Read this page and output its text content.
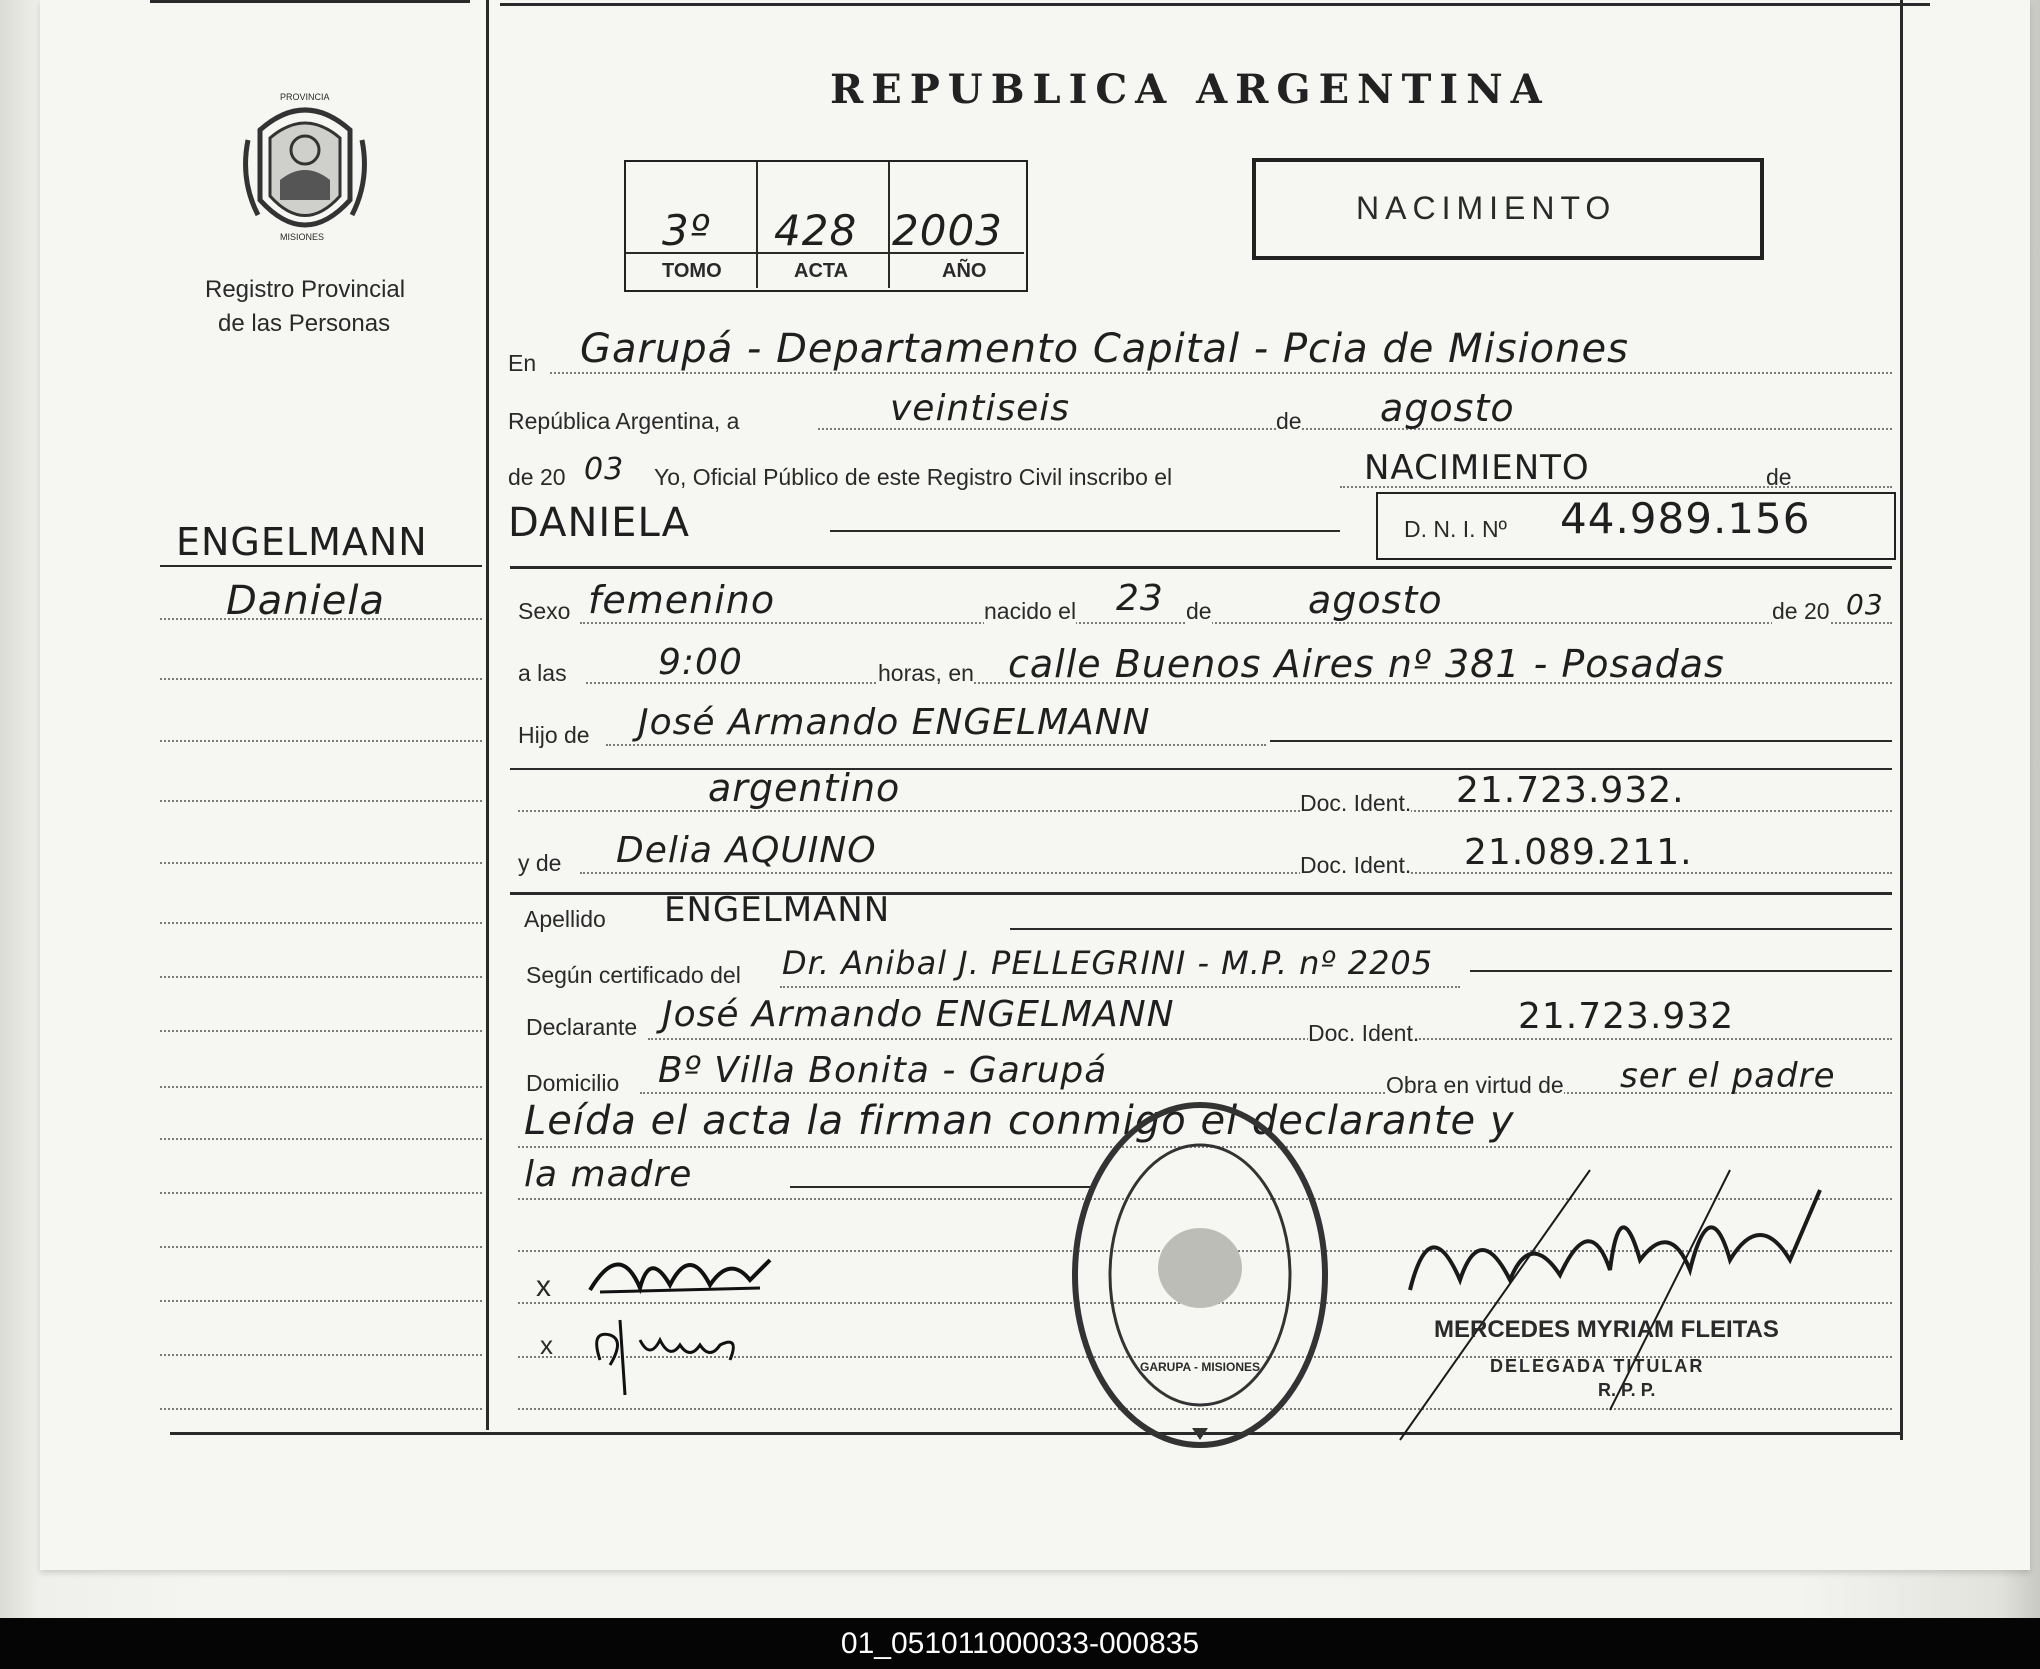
PROVINCIA
MISIONES
Registro Provincial
de las Personas
REPUBLICA ARGENTINA
3º 428 2003
TOMO	ACTA	AÑO
NACIMIENTO
ENGELMANN
Daniela
En Garupá - Departamento Capital - Pcia de Misiones
República Argentina, a	veintiseis	de agosto
de 20 03 Yo, Oficial Público de este Registro Civil inscribo el	NACIMIENTO	de
DANIELA	D. N. I. Nº 44.989.156
Sexo femenino	nacido el 23 de	agosto	de 20 03
a las	9:00	horas, en calle Buenos Aires nº 381 - Posadas
Hijo de José Armando ENGELMANN
argentino	Doc. Ident. 21.723.932.
y de Delia AQUINO	Doc. Ident. 21.089.211.
Apellido ENGELMANN
Según certificado del Dr. Anibal J. PELLEGRINI - M.P. nº 2205
Declarante José Armando ENGELMANN	Doc. Ident.	21.723.932
Domicilio Bº Villa Bonita - Garupá	Obra en virtud de ser el padre
Leída el acta la firman conmigo el declarante y
la madre
x
x
GARUPA - MISIONES
MERCEDES MYRIAM FLEITAS
DELEGADA TITULAR
R. P. P.
01_051011000033-000835
